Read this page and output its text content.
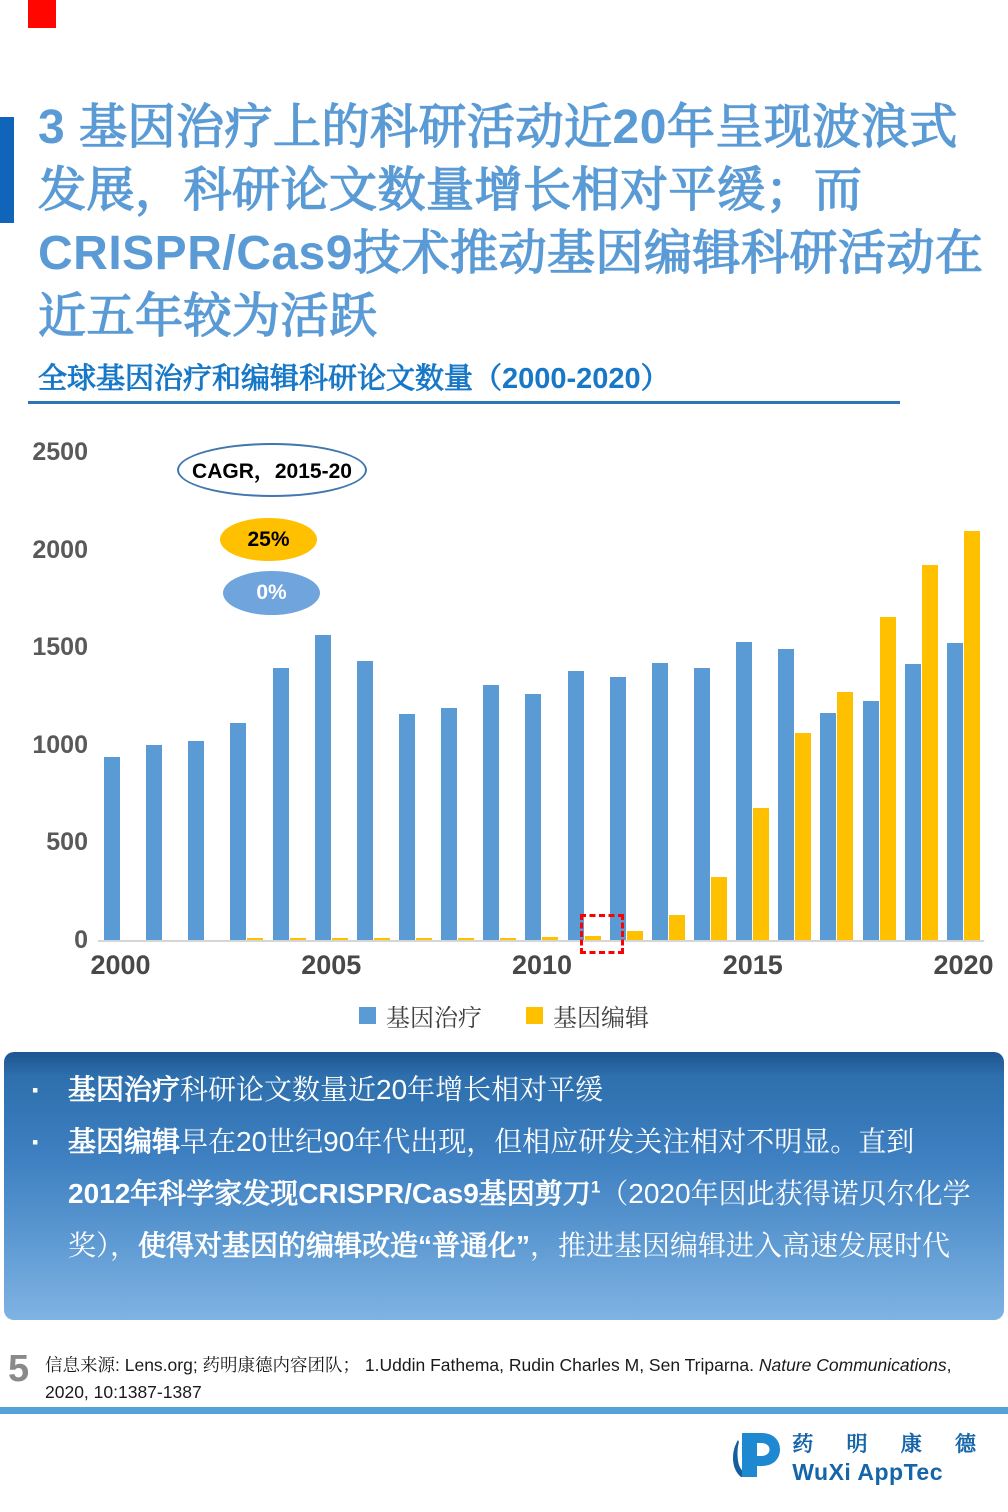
3 基因治疗上的科研活动近20年呈现波浪式发展，科研论文数量增长相对平缓；而CRISPR/Cas9技术推动基因编辑科研活动在近五年较为活跃
全球基因治疗和编辑科研论文数量（2000-2020）
0
500
1000
1500
2000
2500
2000	2005	2010	2015	2020
CAGR，2015-20
25%
0%
基因治疗	基因编辑
▪	基因治疗科研论文数量近20年增长相对平缓
▪	基因编辑早在20世纪90年代出现，但相应研发关注相对不明显。直到2012年科学家发现CRISPR/Cas9基因剪刀$^1$（2020年因此获得诺贝尔化学奖），使得对基因的编辑改造“普通化”，推进基因编辑进入高速发展时代
5 信息来源: Lens.org; 药明康德内容团队； 1.Uddin Fathema, Rudin Charles M, Sen Triparna. Nature Communications, 2020, 10:1387-1387
药 明 康 德
WuXi AppTec
